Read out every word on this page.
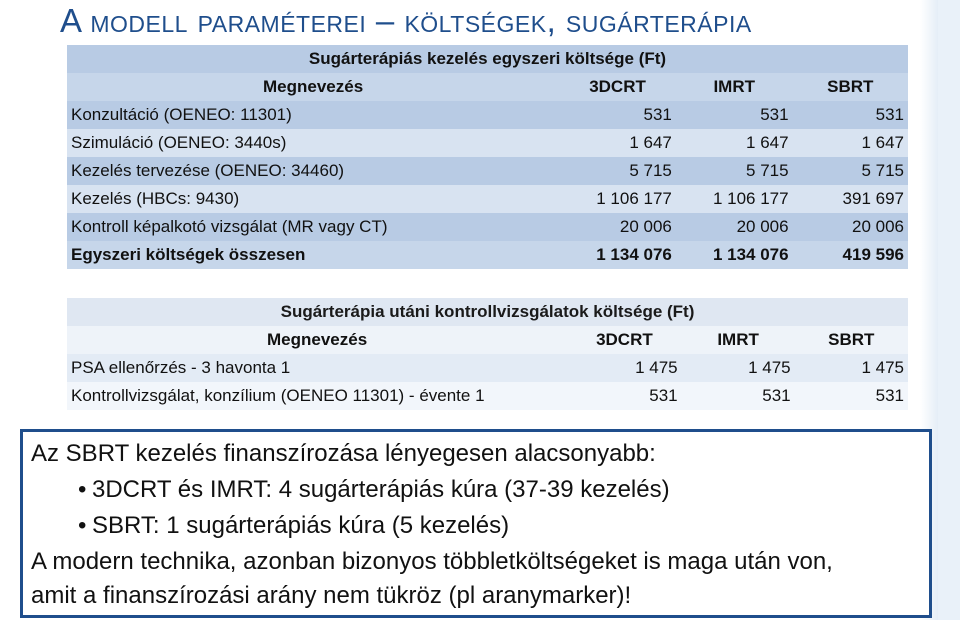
A modell paraméterei – költségek, sugárterápia
Sugárterápiás kezelés egyszeri költsége (Ft)			
Megnevezés	3DCRT	IMRT	SBRT
Konzultáció (OENEO: 11301)	531	531	531
Szimuláció (OENEO: 3440s)	1 647	1 647	1 647
Kezelés tervezése (OENEO: 34460)	5 715	5 715	5 715
Kezelés (HBCs: 9430)	1 106 177	1 106 177	391 697
Kontroll képalkotó vizsgálat (MR vagy CT)	20 006	20 006	20 006
Egyszeri költségek összesen	1 134 076	1 134 076	419 596
Sugárterápia utáni kontrollvizsgálatok költsége (Ft)			
Megnevezés	3DCRT	IMRT	SBRT
PSA ellenőrzés - 3 havonta 1	1 475	1 475	1 475
Kontrollvizsgálat, konzílium (OENEO 11301) - évente 1	531	531	531
Az SBRT kezelés finanszírozása lényegesen alacsonyabb:
• 3DCRT és IMRT: 4 sugárterápiás kúra (37-39 kezelés)
• SBRT: 1 sugárterápiás kúra (5 kezelés)
A modern technika, azonban bizonyos többletköltségeket is maga után von,
amit a finanszírozási arány nem tükröz (pl aranymarker)!
